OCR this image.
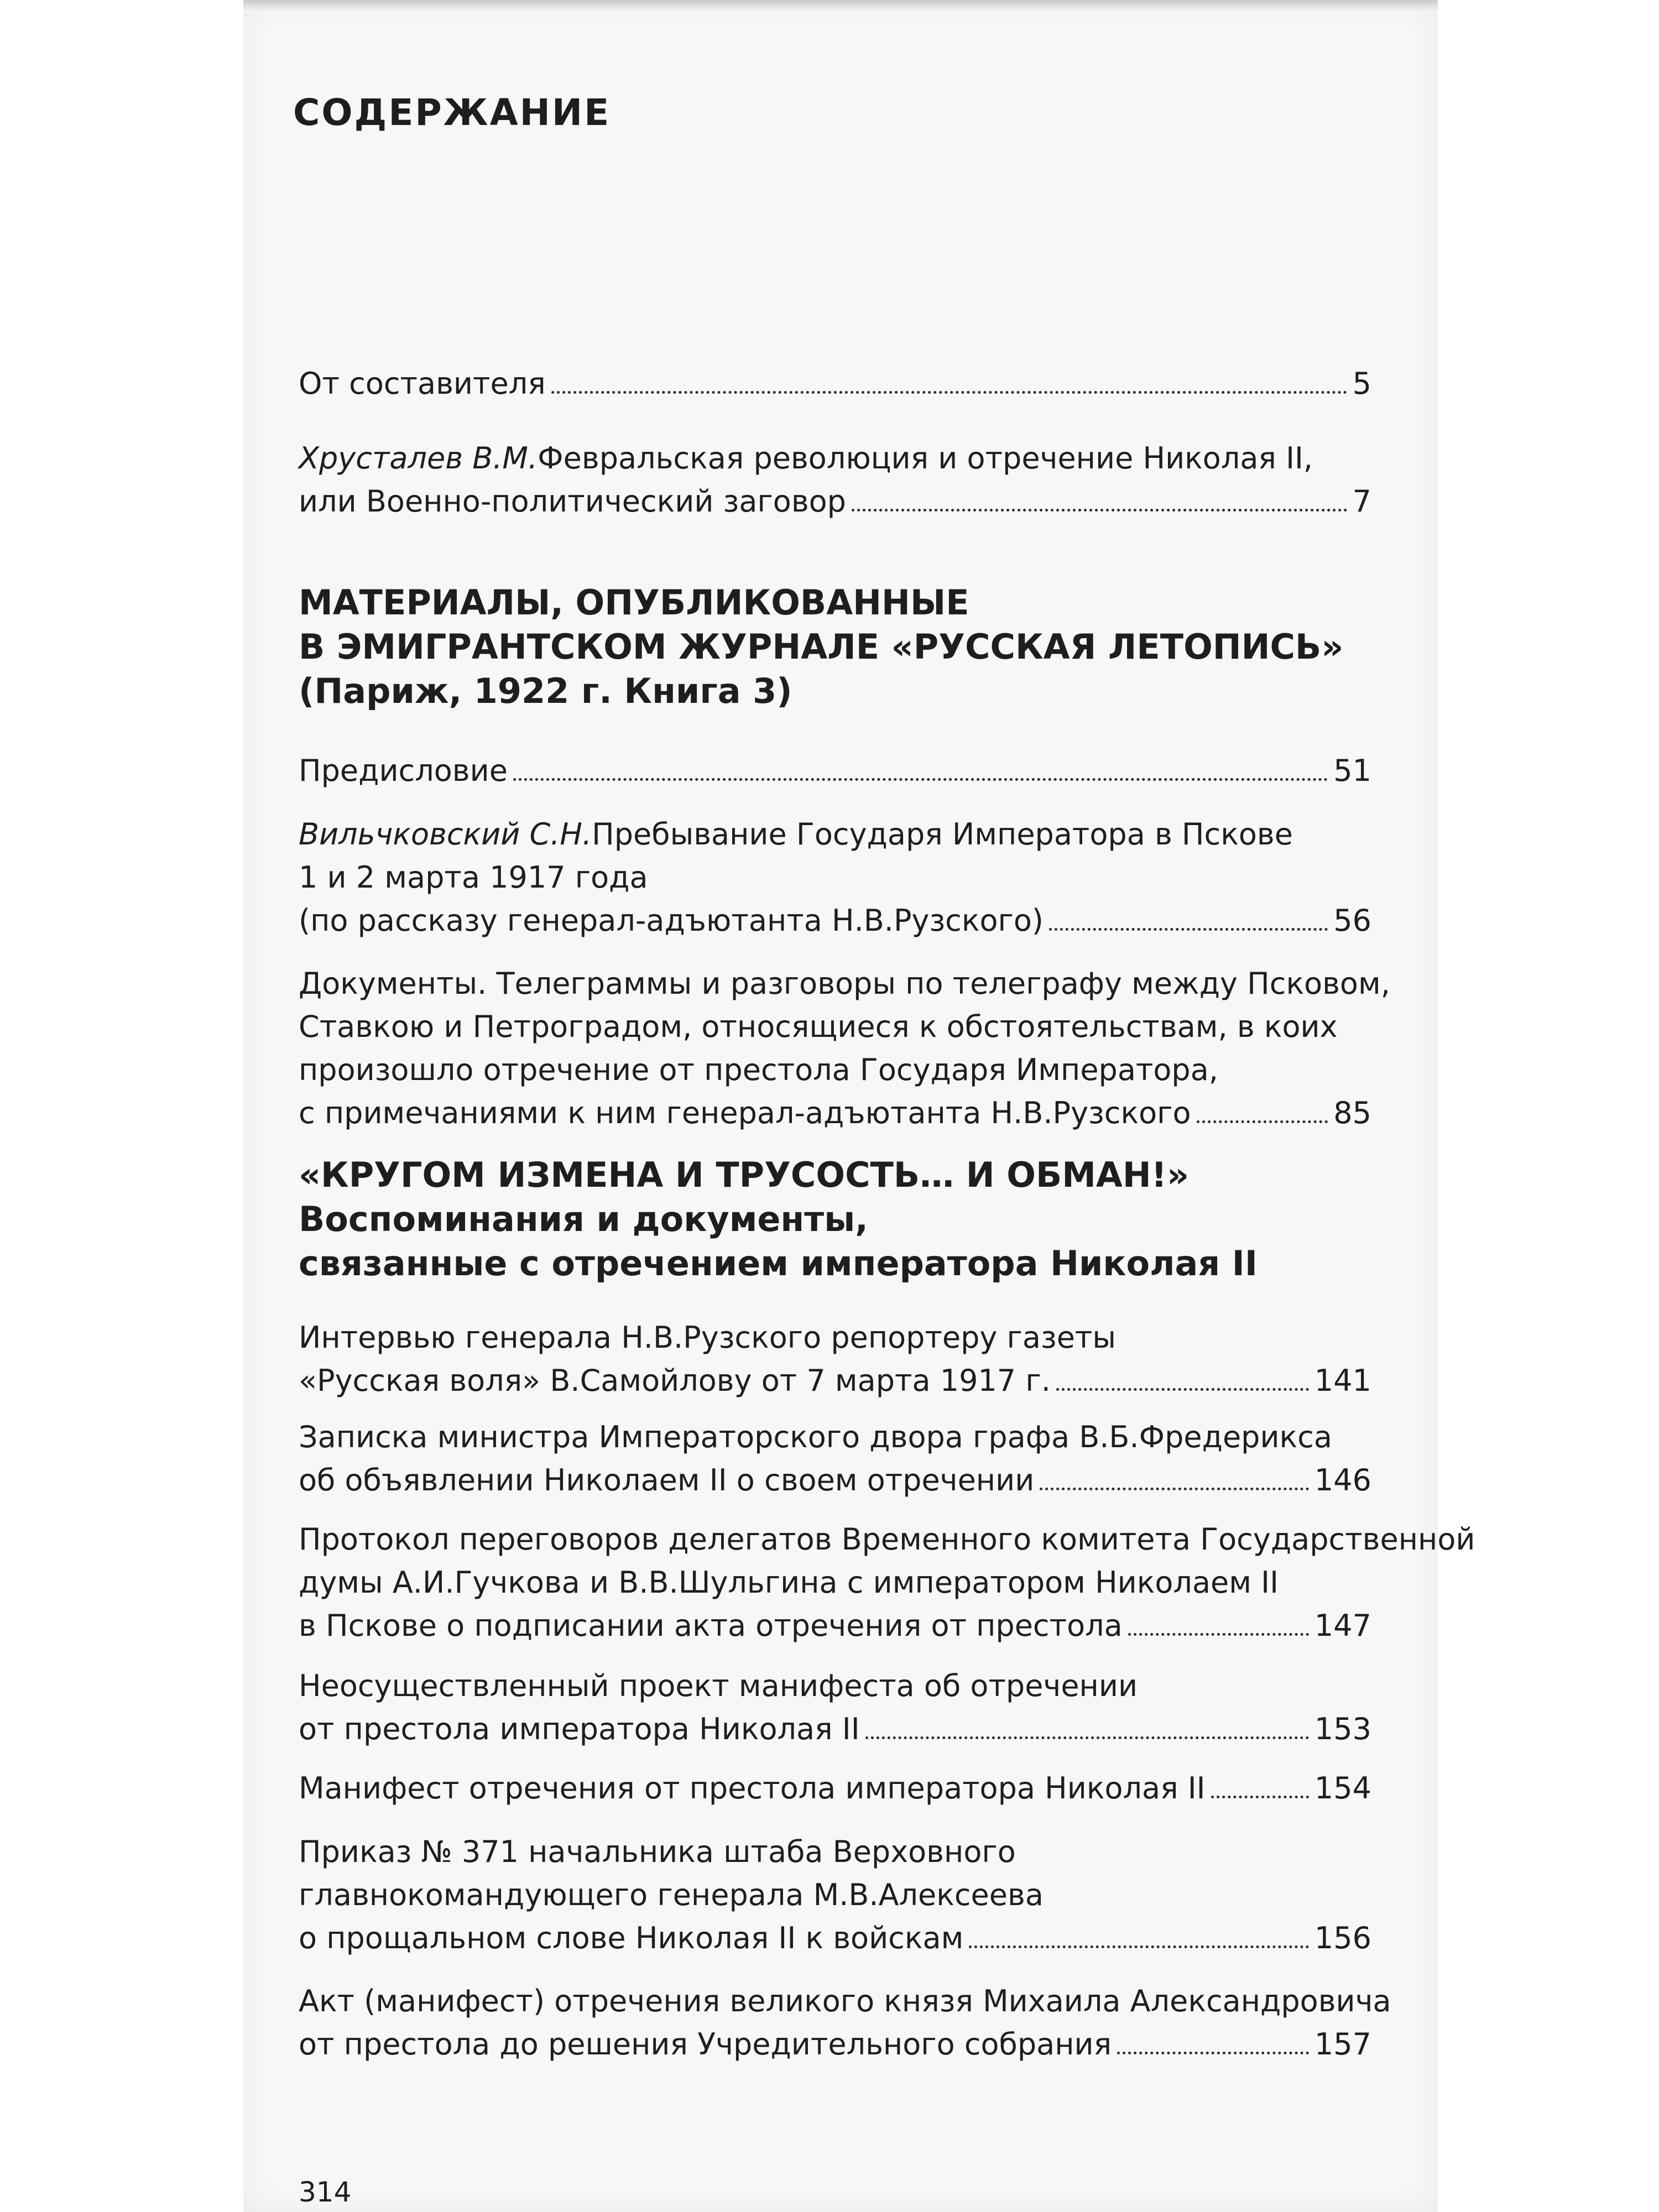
СОДЕРЖАНИЕ
От составителя	5
Хрусталев В.М. Февральская революция и отречение Николая II,
или Военно-политический заговор	7
Предисловие	51
Вильчковский С.Н. Пребывание Государя Императора в Пскове
1 и 2 марта 1917 года
(по рассказу генерал-адъютанта Н.В.Рузского)	56
Документы. Телеграммы и разговоры по телеграфу между Псковом,
Ставкою и Петроградом, относящиеся к обстоятельствам, в коих
произошло отречение от престола Государя Императора,
с примечаниями к ним генерал-адъютанта Н.В.Рузского	85
Интервью генерала Н.В.Рузского репортеру газеты
«Русская воля» В.Самойлову от 7 марта 1917 г.	141
Записка министра Императорского двора графа В.Б.Фредерикса
об объявлении Николаем II о своем отречении	146
Протокол переговоров делегатов Временного комитета Государственной
думы А.И.Гучкова и В.В.Шульгина с императором Николаем II
в Пскове о подписании акта отречения от престола	147
Неосуществленный проект манифеста об отречении
от престола императора Николая II	153
Манифест отречения от престола императора Николая II	154
Приказ № 371 начальника штаба Верховного
главнокомандующего генерала М.В.Алексеева
о прощальном слове Николая II к войскам	156
Акт (манифест) отречения великого князя Михаила Александровича
от престола до решения Учредительного собрания	157
МАТЕРИАЛЫ, ОПУБЛИКОВАННЫЕ
В ЭМИГРАНТСКОМ ЖУРНАЛЕ «РУССКАЯ ЛЕТОПИСЬ»
(Париж, 1922 г. Книга 3)
«КРУГОМ ИЗМЕНА И ТРУСОСТЬ… И ОБМАН!»
Воспоминания и документы,
связанные с отречением императора Николая II
314
